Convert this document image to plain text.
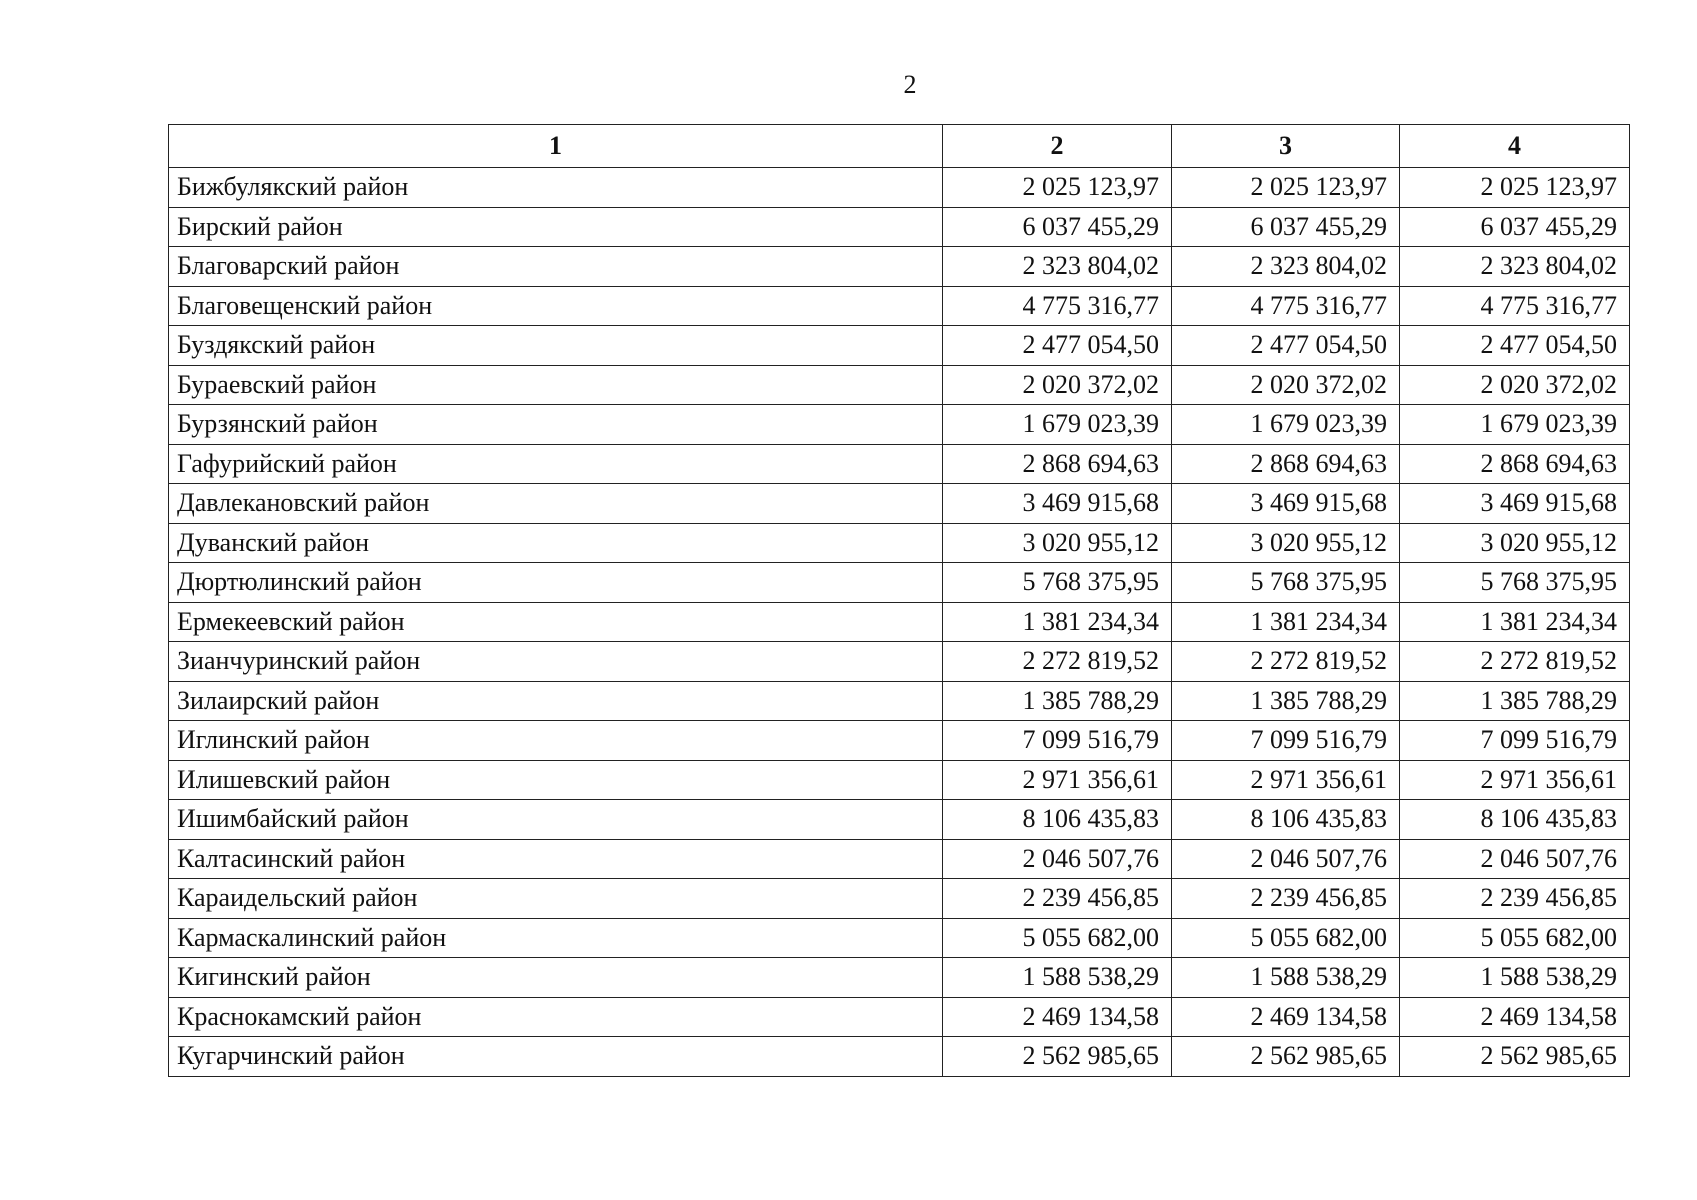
2
1	2	3	4
Бижбулякский район	2 025 123,97	2 025 123,97	2 025 123,97
Бирский район	6 037 455,29	6 037 455,29	6 037 455,29
Благоварский район	2 323 804,02	2 323 804,02	2 323 804,02
Благовещенский район	4 775 316,77	4 775 316,77	4 775 316,77
Буздякский район	2 477 054,50	2 477 054,50	2 477 054,50
Бураевский район	2 020 372,02	2 020 372,02	2 020 372,02
Бурзянский район	1 679 023,39	1 679 023,39	1 679 023,39
Гафурийский район	2 868 694,63	2 868 694,63	2 868 694,63
Давлекановский район	3 469 915,68	3 469 915,68	3 469 915,68
Дуванский район	3 020 955,12	3 020 955,12	3 020 955,12
Дюртюлинский район	5 768 375,95	5 768 375,95	5 768 375,95
Ермекеевский район	1 381 234,34	1 381 234,34	1 381 234,34
Зианчуринский район	2 272 819,52	2 272 819,52	2 272 819,52
Зилаирский район	1 385 788,29	1 385 788,29	1 385 788,29
Иглинский район	7 099 516,79	7 099 516,79	7 099 516,79
Илишевский район	2 971 356,61	2 971 356,61	2 971 356,61
Ишимбайский район	8 106 435,83	8 106 435,83	8 106 435,83
Калтасинский район	2 046 507,76	2 046 507,76	2 046 507,76
Караидельский район	2 239 456,85	2 239 456,85	2 239 456,85
Кармаскалинский район	5 055 682,00	5 055 682,00	5 055 682,00
Кигинский район	1 588 538,29	1 588 538,29	1 588 538,29
Краснокамский район	2 469 134,58	2 469 134,58	2 469 134,58
Кугарчинский район	2 562 985,65	2 562 985,65	2 562 985,65
